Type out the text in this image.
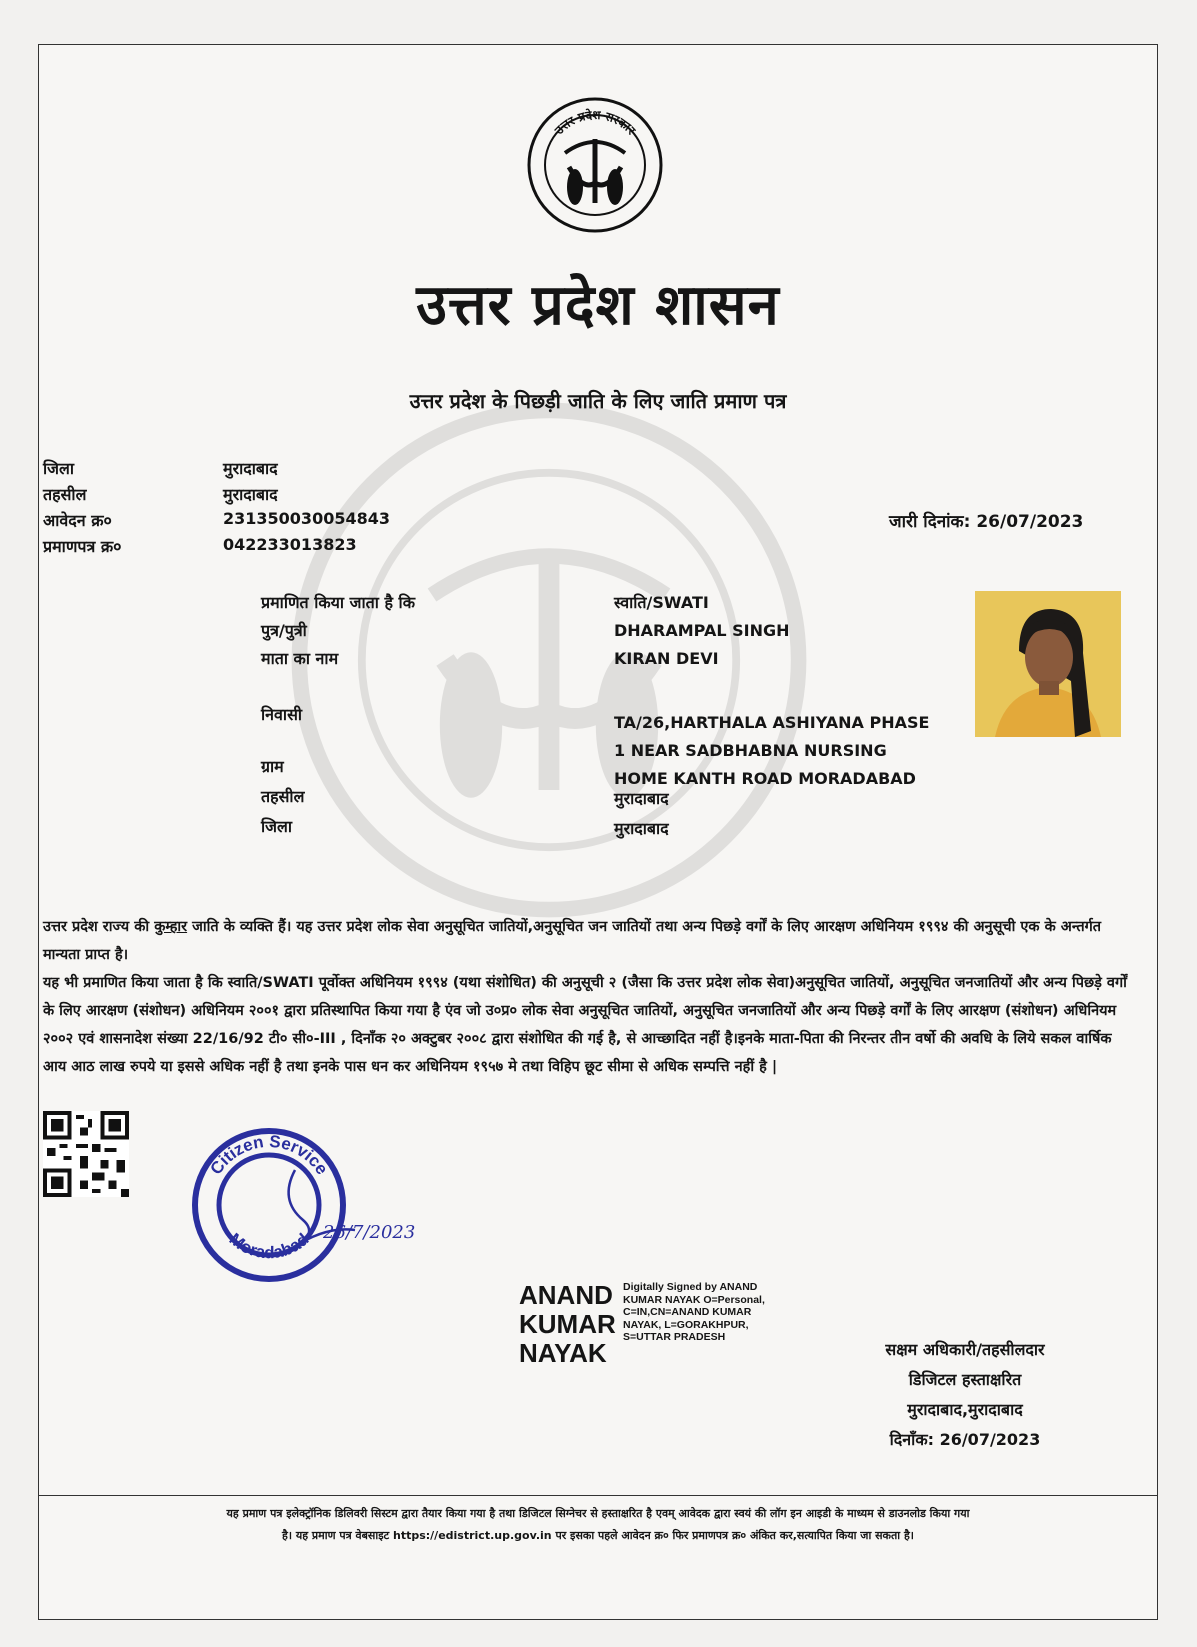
उत्तर प्रदेश सरकार
उत्तर प्रदेश शासन
उत्तर प्रदेश के पिछड़ी जाति के लिए जाति प्रमाण पत्र
जिला	मुरादाबाद
तहसील	मुरादाबाद
आवेदन क्र०	231350030054843
प्रमाणपत्र क्र०	042233013823
जारी दिनांक: 26/07/2023
प्रमाणित किया जाता है कि	स्वाति/SWATI
पुत्र/पुत्री	DHARAMPAL SINGH
माता का नाम	KIRAN DEVI
निवासी	TA/26,HARTHALA ASHIYANA PHASE
1 NEAR SADBHABNA NURSING
HOME KANTH ROAD MORADABAD
ग्राम
तहसील	मुरादाबाद
जिला	मुरादाबाद
उत्तर प्रदेश राज्य की कुम्हार जाति के व्यक्ति हैं। यह उत्तर प्रदेश लोक सेवा अनुसूचित जातियों,अनुसूचित जन जातियों तथा अन्य पिछड़े वर्गों के लिए आरक्षण अधिनियम १९९४ की अनुसूची एक के अन्तर्गत मान्यता प्राप्त है।
यह भी प्रमाणित किया जाता है कि स्वाति/SWATI पूर्वोक्त अधिनियम १९९४ (यथा संशोधित) की अनुसूची २ (जैसा कि उत्तर प्रदेश लोक सेवा)अनुसूचित जातियों, अनुसूचित जनजातियों और अन्य पिछड़े वर्गों के लिए आरक्षण (संशोधन) अधिनियम २००१ द्वारा प्रतिस्थापित किया गया है एंव जो उ०प्र० लोक सेवा अनुसूचित जातियों, अनुसूचित जनजातियों और अन्य पिछड़े वर्गों के लिए आरक्षण (संशोधन) अधिनियम २००२ एवं शासनादेश संख्या 22/16/92 टी० सी०-III , दिनाँक २० अक्टुबर २००८ द्वारा संशोधित की गई है, से आच्छादित नहीं है।इनके माता-पिता की निरन्तर तीन वर्षो की अवधि के लिये सकल वार्षिक आय आठ लाख रुपये या इससे अधिक नहीं है तथा इनके पास धन कर अधिनियम १९५७ मे तथा विहिप छूट सीमा से अधिक सम्पत्ति नहीं है |
Citizen Service
Moradabad 26/7/2023
ANAND
KUMAR
NAYAK
Digitally Signed by ANAND
KUMAR NAYAK O=Personal,
C=IN,CN=ANAND KUMAR
NAYAK, L=GORAKHPUR,
S=UTTAR PRADESH
सक्षम अधिकारी/तहसीलदार
डिजिटल हस्ताक्षरित
मुरादाबाद,मुरादाबाद
दिनाँक: 26/07/2023
यह प्रमाण पत्र इलेक्ट्रॉनिक डिलिवरी सिस्टम द्वारा तैयार किया गया है तथा डिजिटल सिग्नेचर से हस्ताक्षरित है एवम् आवेदक द्वारा स्वयं की लॉग इन आइडी के माध्यम से डाउनलोड किया गया
है। यह प्रमाण पत्र वेबसाइट https://edistrict.up.gov.in पर इसका पहले आवेदन क्र० फिर प्रमाणपत्र क्र० अंकित कर,सत्यापित किया जा सकता है।
